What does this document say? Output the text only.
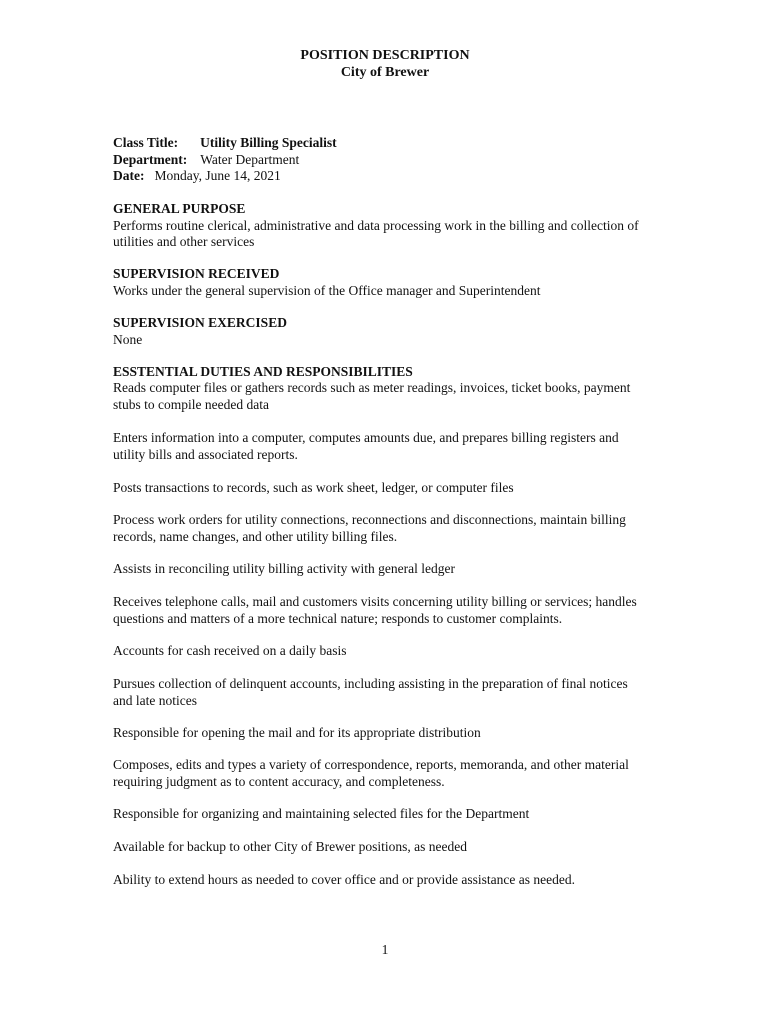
POSITION DESCRIPTION
City of Brewer
Class Title: Utility Billing Specialist
Department: Water Department
Date: Monday, June 14, 2021
GENERAL PURPOSE
Performs routine clerical, administrative and data processing work in the billing and collection of
utilities and other services
SUPERVISION RECEIVED
Works under the general supervision of the Office manager and Superintendent
SUPERVISION EXERCISED
None
ESSTENTIAL DUTIES AND RESPONSIBILITIES
Reads computer files or gathers records such as meter readings, invoices, ticket books, payment
stubs to compile needed data
Enters information into a computer, computes amounts due, and prepares billing registers and
utility bills and associated reports.
Posts transactions to records, such as work sheet, ledger, or computer files
Process work orders for utility connections, reconnections and disconnections, maintain billing
records, name changes, and other utility billing files.
Assists in reconciling utility billing activity with general ledger
Receives telephone calls, mail and customers visits concerning utility billing or services; handles
questions and matters of a more technical nature; responds to customer complaints.
Accounts for cash received on a daily basis
Pursues collection of delinquent accounts, including assisting in the preparation of final notices
and late notices
Responsible for opening the mail and for its appropriate distribution
Composes, edits and types a variety of correspondence, reports, memoranda, and other material
requiring judgment as to content accuracy, and completeness.
Responsible for organizing and maintaining selected files for the Department
Available for backup to other City of Brewer positions, as needed
Ability to extend hours as needed to cover office and or provide assistance as needed.
1
